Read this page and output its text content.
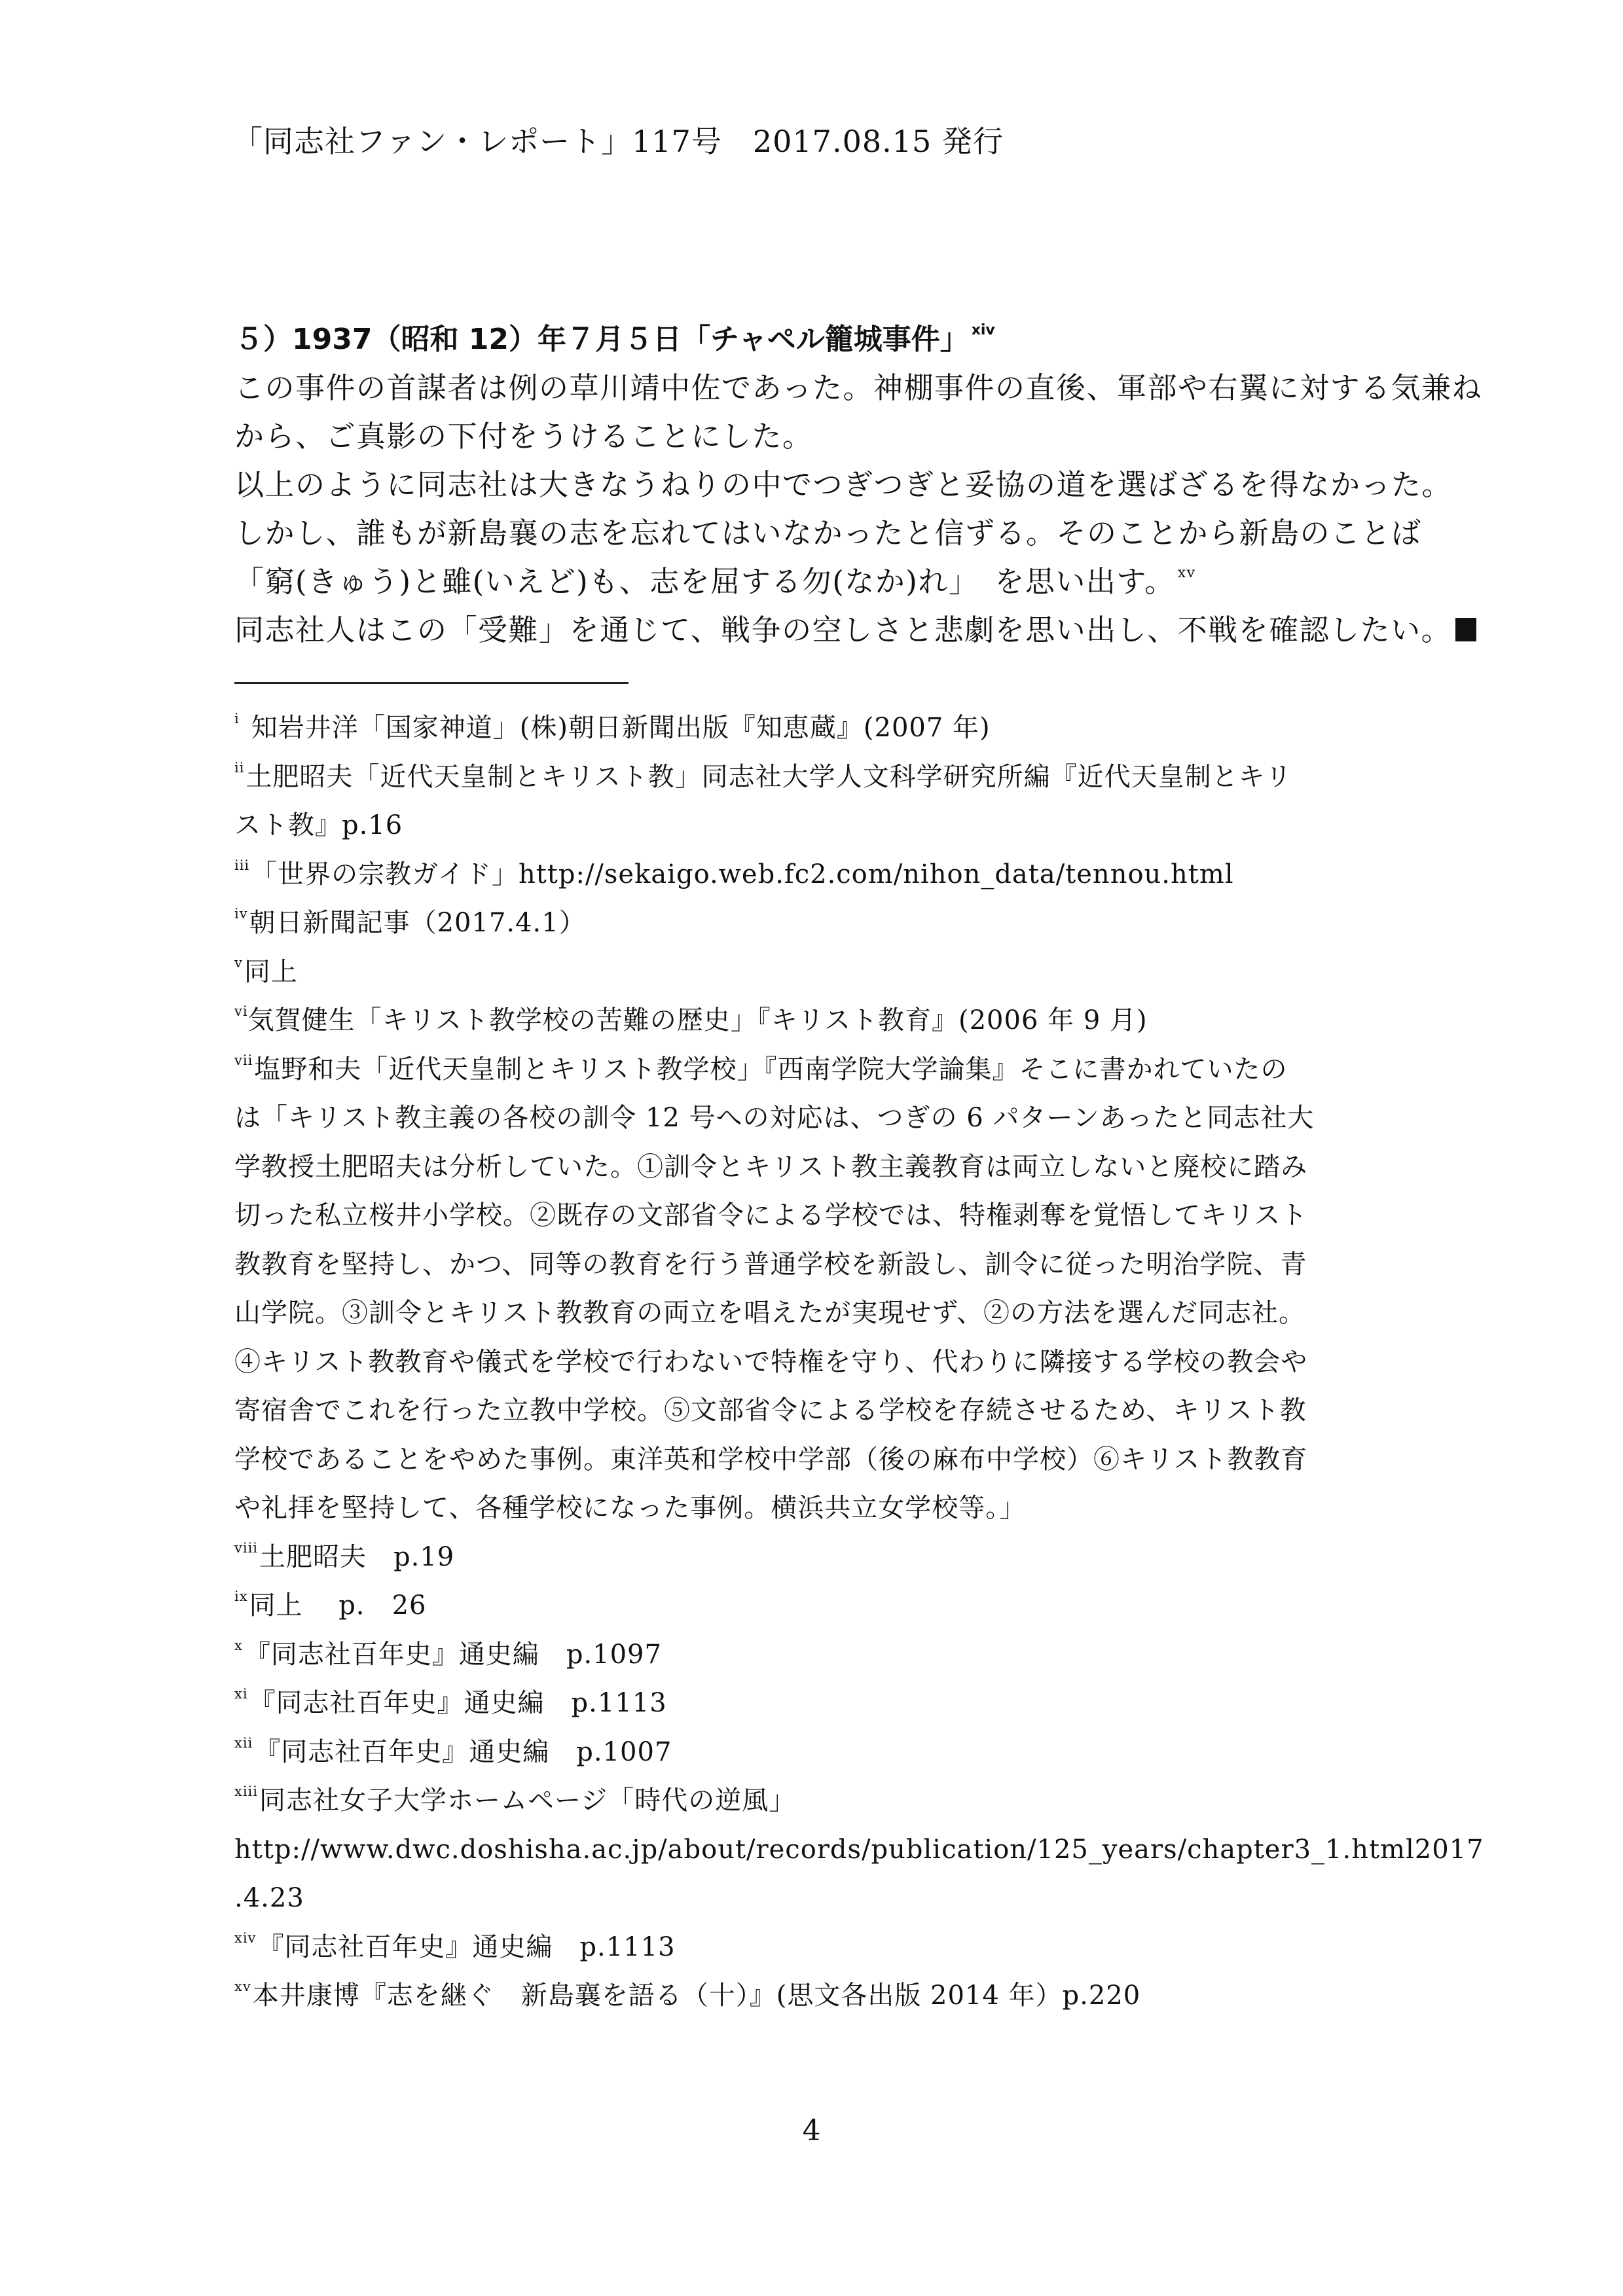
「同志社ファン・レポート」117号　2017.08.15 発行
５）1937（昭和 12）年７月５日「チャペル籠城事件」 $^{xiv}$
この事件の首謀者は例の草川靖中佐であった。神棚事件の直後、軍部や右翼に対する気兼ね
から、ご真影の下付をうけることにした。
以上のように同志社は大きなうねりの中でつぎつぎと妥協の道を選ばざるを得なかった。
しかし、誰もが新島襄の志を忘れてはいなかったと信ずる。そのことから新島のことば
「窮(きゅう)と雖(いえど)も、志を屈する勿(なか)れ」　を思い出す。 $^{xv}$
同志社人はこの「受難」を通じて、戦争の空しさと悲劇を思い出し、不戦を確認したい。
$^i$ 知岩井洋「国家神道」(株)朝日新聞出版『知恵蔵』(2007 年)
$^{ii}$土肥昭夫「近代天皇制とキリスト教」同志社大学人文科学研究所編『近代天皇制とキリ
スト教』p.16
$^{iii}$「世界の宗教ガイド」http://sekaigo.web.fc2.com/nihon_data/tennou.html
$^{iv}$朝日新聞記事（2017.4.1）
$^v$同上
$^{vi}$気賀健生「キリスト教学校の苦難の歴史」『キリスト教育』(2006 年 9 月)
$^{vii}$塩野和夫「近代天皇制とキリスト教学校」『西南学院大学論集』そこに書かれていたの
は「キリスト教主義の各校の訓令 12 号への対応は、つぎの 6 パターンあったと同志社大
学教授土肥昭夫は分析していた。①訓令とキリスト教主義教育は両立しないと廃校に踏み
切った私立桜井小学校。②既存の文部省令による学校では、特権剥奪を覚悟してキリスト
教教育を堅持し、かつ、同等の教育を行う普通学校を新設し、訓令に従った明治学院、青
山学院。③訓令とキリスト教教育の両立を唱えたが実現せず、②の方法を選んだ同志社。
④キリスト教教育や儀式を学校で行わないで特権を守り、代わりに隣接する学校の教会や
寄宿舎でこれを行った立教中学校。⑤文部省令による学校を存続させるため、キリスト教
学校であることをやめた事例。東洋英和学校中学部（後の麻布中学校）⑥キリスト教教育
や礼拝を堅持して、各種学校になった事例。横浜共立女学校等。」
$^{viii}$土肥昭夫　p.19
$^{ix}$同上　 p． 26
$^x$『同志社百年史』通史編　p.1097
$^{xi}$『同志社百年史』通史編　p.1113
$^{xii}$『同志社百年史』通史編　p.1007
$^{xiii}$同志社女子大学ホームページ「時代の逆風」
http://www.dwc.doshisha.ac.jp/about/records/publication/125_years/chapter3_1.html2017
.4.23
$^{xiv}$『同志社百年史』通史編　p.1113
$^{xv}$本井康博『志を継ぐ　新島襄を語る（十）』(思文各出版 2014 年）p.220
4
